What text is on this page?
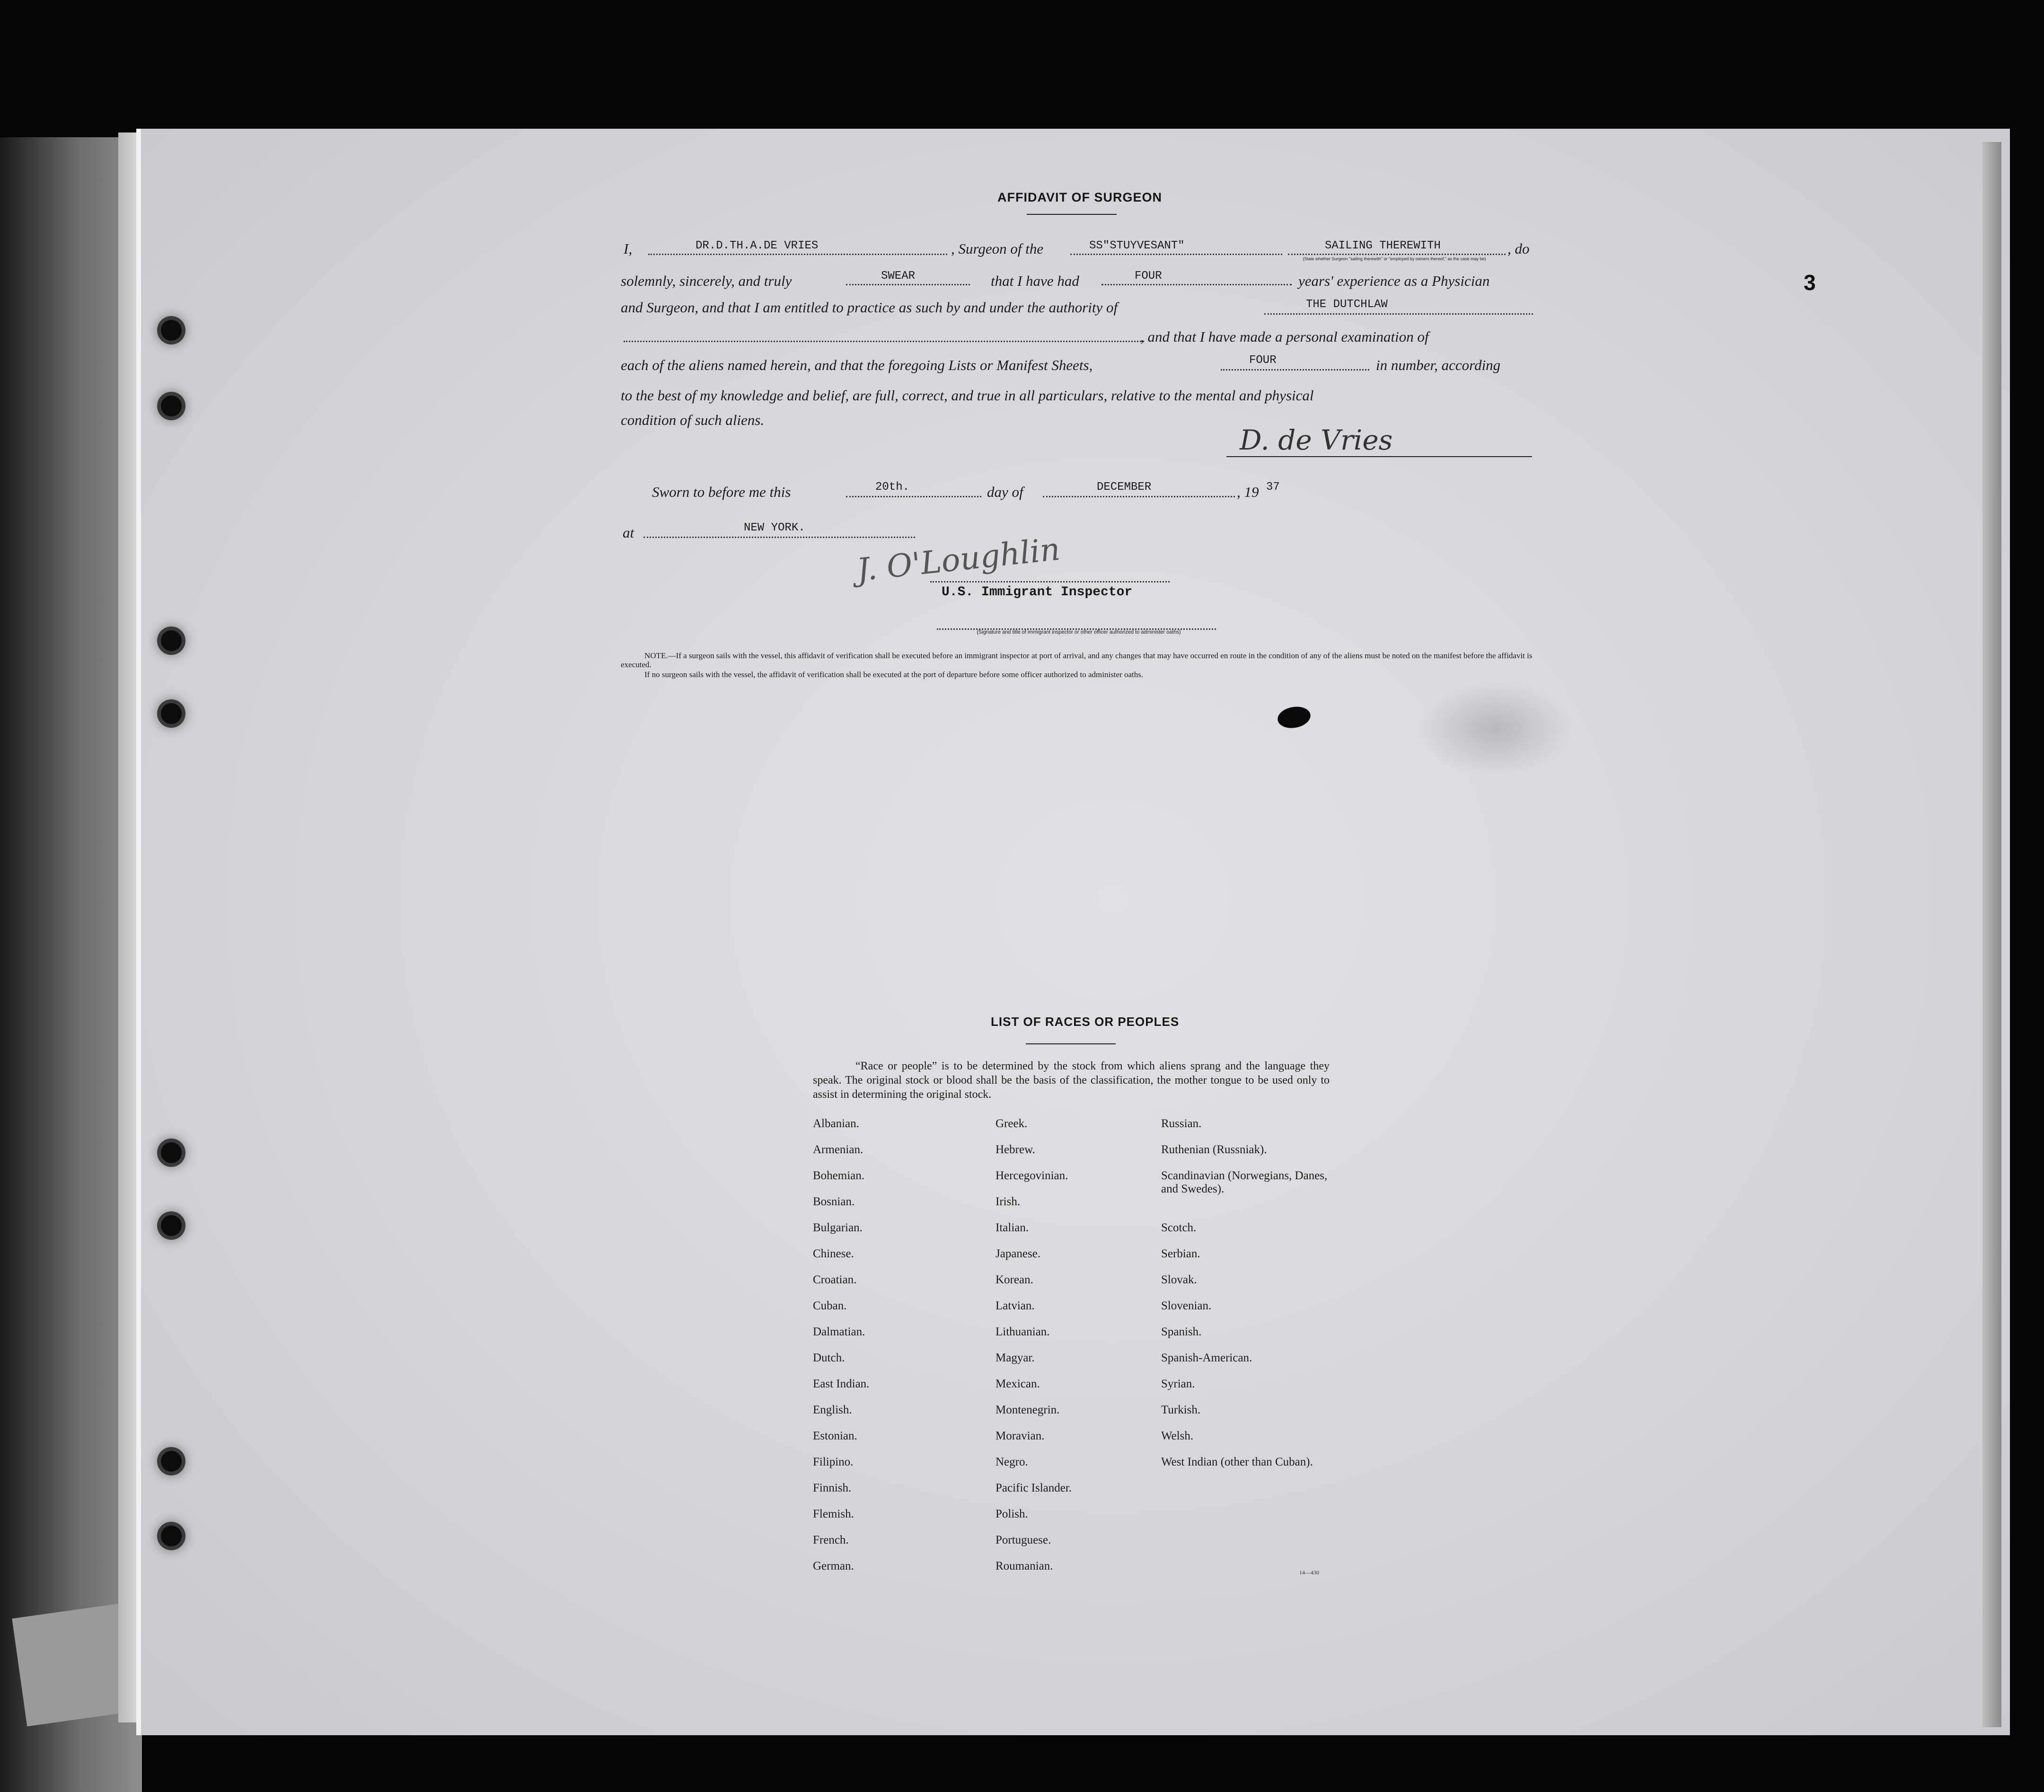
3
AFFIDAVIT OF SURGEON
I,	DR.D.TH.A.DE VRIES	, Surgeon of the	SS"STUYVESANT"	SAILING THEREWITH	, do
(State whether Surgeon "sailing therewith" or "employed by owners thereof," as the case may be)
solemnly, sincerely, and truly	SWEAR	that I have had	FOUR	years' experience as a Physician
and Surgeon, and that I am entitled to practice as such by and under the authority of	THE DUTCHLAW
, and that I have made a personal examination of
each of the aliens named herein, and that the foregoing Lists or Manifest Sheets,	FOUR	in number, according
to the best of my knowledge and belief, are full, correct, and true in all particulars, relative to the mental and physical
condition of such aliens.
D. de Vries
Sworn to before me this	20th.	day of	DECEMBER	, 19 37
at	NEW YORK.
J. O'Loughlin
U.S. Immigrant Inspector
(Signature and title of immigrant inspector or other officer authorized to administer oaths)
NOTE.—If a surgeon sails with the vessel, this affidavit of verification shall be executed before an immigrant inspector at port of arrival, and any changes that may have occurred en route in the condition of any of the aliens must be noted on the manifest before the affidavit is executed.
If no surgeon sails with the vessel, the affidavit of verification shall be executed at the port of departure before some officer authorized to administer oaths.
LIST OF RACES OR PEOPLES
“Race or people” is to be determined by the stock from which aliens sprang and the language they speak. The original stock or blood shall be the basis of the classification, the mother tongue to be used only to assist in determining the original stock.
Albanian.
Armenian.
Bohemian.
Bosnian.
Bulgarian.
Chinese.
Croatian.
Cuban.
Dalmatian.
Dutch.
East Indian.
English.
Estonian.
Filipino.
Finnish.
Flemish.
French.
German.
Greek.
Hebrew.
Hercegovinian.
Irish.
Italian.
Japanese.
Korean.
Latvian.
Lithuanian.
Magyar.
Mexican.
Montenegrin.
Moravian.
Negro.
Pacific Islander.
Polish.
Portuguese.
Roumanian.
Russian.
Ruthenian (Russniak).
Scandinavian (Norwegians, Danes, and Swedes).
Scotch.
Serbian.
Slovak.
Slovenian.
Spanish.
Spanish-American.
Syrian.
Turkish.
Welsh.
West Indian (other than Cuban).
14—430
